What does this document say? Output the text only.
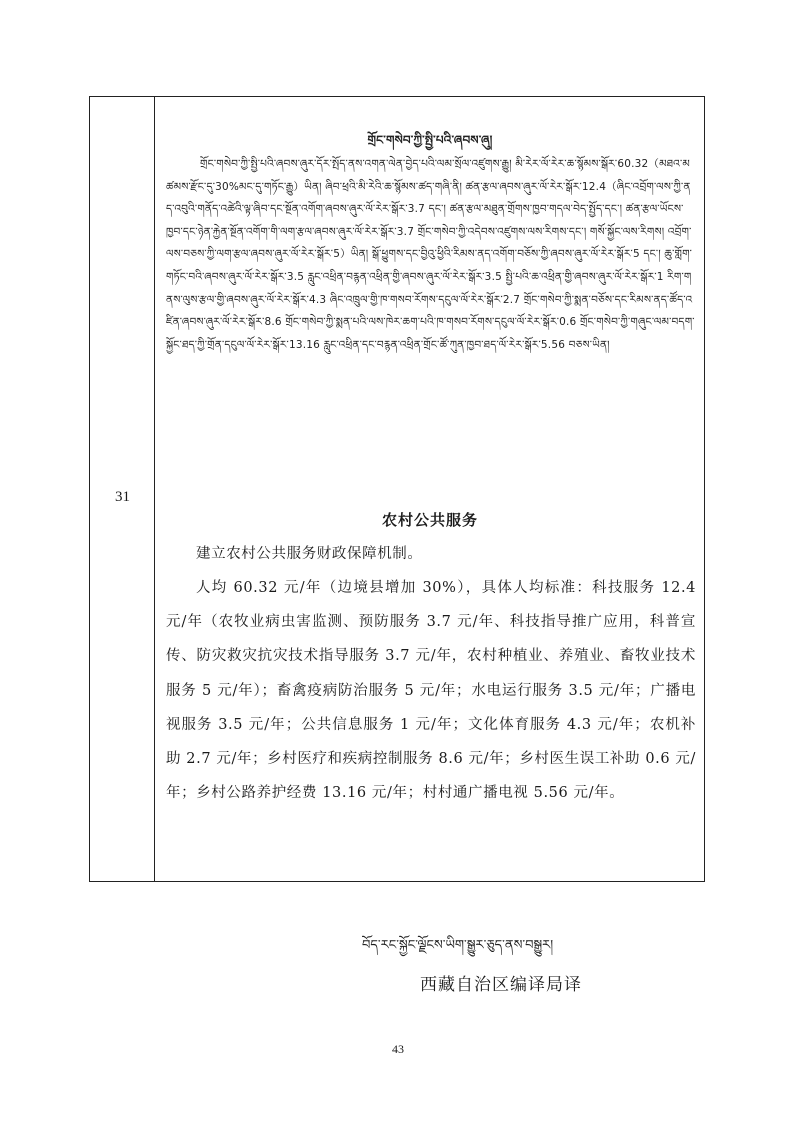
31
གྲོང་གསེབ་ཀྱི་སྤྱི་པའི་ཞབས་ཞུ།
གྲོང་གསེབ་ཀྱི་སྤྱི་པའི་ཞབས་ཞུར་དོར་སྤོད་ནས་འགན་ལེན་བྱེད་པའི་ལམ་སྲོལ་འཛུགས་རྒྱུ། མི་རེར་ལོ་རེར་ཆ་སྙོམས་སྒོར་60.32（མཐའ་མཚམས་རྫོང་དུ་30%མང་དུ་གཏོང་རྒྱུ）ཡིན། ཞིབ་ཕྲའི་མི་རེའི་ཆ་སྙོམས་ཚད་གཞི་ནི། ཚན་རྩལ་ཞབས་ཞུར་ལོ་རེར་སྒོར་12.4（ཞིང་འབྲོག་ལས་ཀྱི་ནད་འབུའི་གནོད་འཚེའི་ལྟ་ཞིབ་དང་སྔོན་འགོག་ཞབས་ཞུར་ལོ་རེར་སྒོར་3.7 དང་། ཚན་རྩལ་མཐུན་གྲོགས་ཁྱབ་གདལ་བེད་སྤྱོད་དང་། ཚན་རྩལ་ཡོངས་ཁྱབ་དང་ཉེན་རྐྱེན་སྔོན་འགོག་གི་ལག་རྩལ་ཞབས་ཞུར་ལོ་རེར་སྒོར་3.7 གྲོང་གསེབ་ཀྱི་འདེབས་འཛུགས་ལས་རིགས་དང་། གསོ་སྐྱོང་ལས་རིགས། འབྲོག་ལས་བཅས་ཀྱི་ལག་རྩལ་ཞབས་ཞུར་ལོ་རེར་སྒོར་5）ཡིན། སྒོ་ཕྱུགས་དང་བྱིའུ་ཕྱིའི་རིམས་ནད་འགོག་བཅོས་ཀྱི་ཞབས་ཞུར་ལོ་རེར་སྒོར་5 དང་། ཆུ་གློག་གཏོང་བའི་ཞབས་ཞུར་ལོ་རེར་སྒོར་3.5 རླུང་འཕྲིན་བརྙན་འཕྲིན་གྱི་ཞབས་ཞུར་ལོ་རེར་སྒོར་3.5 སྤྱི་པའི་ཆ་འཕྲིན་གྱི་ཞབས་ཞུར་ལོ་རེར་སྒོར་1 རིག་གནས་ལུས་རྩལ་གྱི་ཞབས་ཞུར་ལོ་རེར་སྒོར་4.3 ཞིང་འཁྲུལ་གྱི་ཁ་གསབ་རོགས་དངུལ་ལོ་རེར་སྒོར་2.7 གྲོང་གསེབ་ཀྱི་སྨན་བཅོས་དང་རིམས་ནད་ཚོད་འཛིན་ཞབས་ཞུར་ལོ་རེར་སྒོར་8.6 གྲོང་གསེབ་ཀྱི་སྨན་པའི་ལས་ཁེར་ཆག་པའི་ཁ་གསབ་རོགས་དངུལ་ལོ་རེར་སྒོར་0.6 གྲོང་གསེབ་ཀྱི་གཞུང་ལམ་བདག་སྐྱོང་ཐད་ཀྱི་གྲོན་དངུལ་ལོ་རེར་སྒོར་13.16 རླུང་འཕྲིན་དང་བརྙན་འཕྲིན་གྲོང་ཚོ་ཀུན་ཁྱབ་ཐད་ལོ་རེར་སྒོར་5.56 བཅས་ཡིན།
农村公共服务
建立农村公共服务财政保障机制。
人均 60.32 元/年（边境县增加 30%），具体人均标准：科技服务 12.4 元/年（农牧业病虫害监测、预防服务 3.7 元/年、科技指导推广应用，科普宣传、防灾救灾抗灾技术指导服务 3.7 元/年，农村种植业、养殖业、畜牧业技术服务 5 元/年）；畜禽疫病防治服务 5 元/年；水电运行服务 3.5 元/年；广播电视服务 3.5 元/年；公共信息服务 1 元/年；文化体育服务 4.3 元/年；农机补助 2.7 元/年；乡村医疗和疾病控制服务 8.6 元/年；乡村医生误工补助 0.6 元/年；乡村公路养护经费 13.16 元/年；村村通广播电视 5.56 元/年。
བོད་རང་སྐྱོང་ལྗོངས་ཡིག་སྒྱུར་ཅུད་ནས་བསྒྱུར།
西藏自治区编译局译
43
